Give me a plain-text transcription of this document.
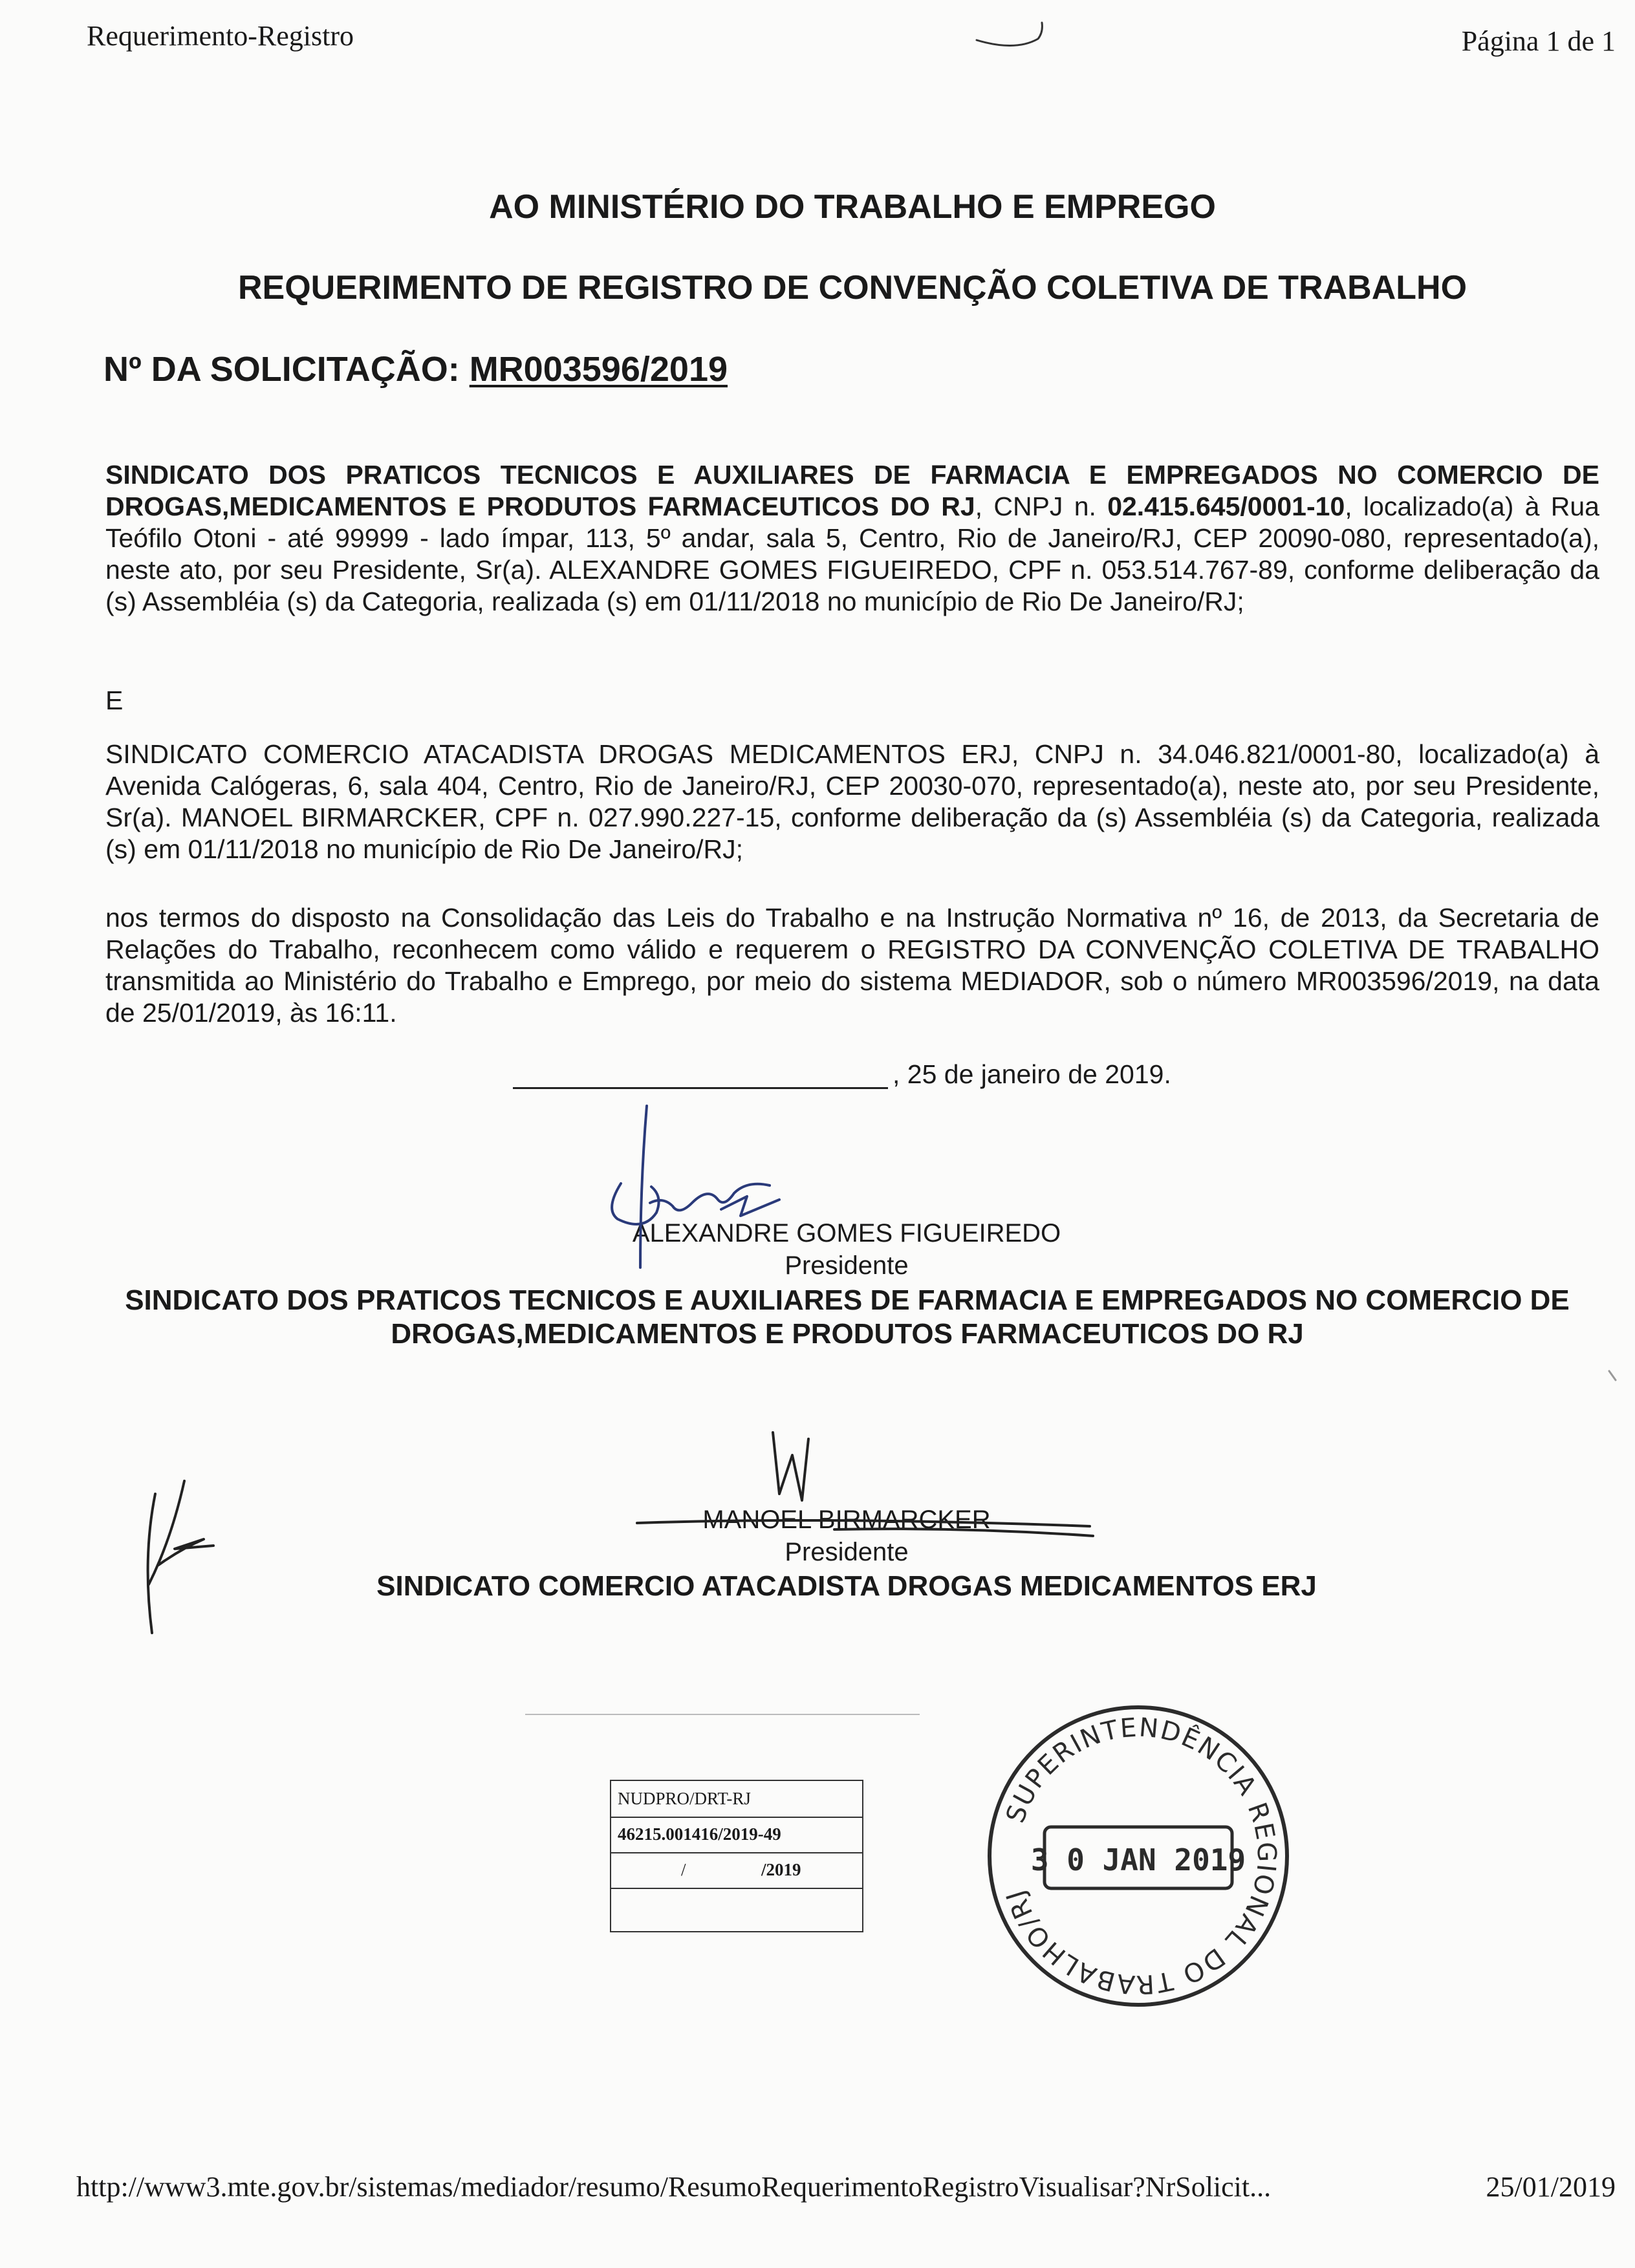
Requerimento-Registro	Página 1 de 1
AO MINISTÉRIO DO TRABALHO E EMPREGO
REQUERIMENTO DE REGISTRO DE CONVENÇÃO COLETIVA DE TRABALHO
Nº DA SOLICITAÇÃO: MR003596/2019
SINDICATO DOS PRATICOS TECNICOS E AUXILIARES DE FARMACIA E EMPREGADOS NO COMERCIO DE DROGAS,MEDICAMENTOS E PRODUTOS FARMACEUTICOS DO RJ, CNPJ n. 02.415.645/0001-10, localizado(a) à Rua Teófilo Otoni - até 99999 - lado ímpar, 113, 5º andar, sala 5, Centro, Rio de Janeiro/RJ, CEP 20090-080, representado(a), neste ato, por seu Presidente, Sr(a). ALEXANDRE GOMES FIGUEIREDO, CPF n. 053.514.767-89, conforme deliberação da (s) Assembléia (s) da Categoria, realizada (s) em 01/11/2018 no município de Rio De Janeiro/RJ;
E
SINDICATO COMERCIO ATACADISTA DROGAS MEDICAMENTOS ERJ, CNPJ n. 34.046.821/0001-80, localizado(a) à Avenida Calógeras, 6, sala 404, Centro, Rio de Janeiro/RJ, CEP 20030-070, representado(a), neste ato, por seu Presidente, Sr(a). MANOEL BIRMARCKER, CPF n. 027.990.227-15, conforme deliberação da (s) Assembléia (s) da Categoria, realizada (s) em 01/11/2018 no município de Rio De Janeiro/RJ;
nos termos do disposto na Consolidação das Leis do Trabalho e na Instrução Normativa nº 16, de 2013, da Secretaria de Relações do Trabalho, reconhecem como válido e requerem o REGISTRO DA CONVENÇÃO COLETIVA DE TRABALHO transmitida ao Ministério do Trabalho e Emprego, por meio do sistema MEDIADOR, sob o número MR003596/2019, na data de 25/01/2019, às 16:11.
, 25 de janeiro de 2019.
ALEXANDRE GOMES FIGUEIREDO
Presidente
SINDICATO DOS PRATICOS TECNICOS E AUXILIARES DE FARMACIA E EMPREGADOS NO COMERCIO DE
DROGAS,MEDICAMENTOS E PRODUTOS FARMACEUTICOS DO RJ
MANOEL BIRMARCKER
Presidente
SINDICATO COMERCIO ATACADISTA DROGAS MEDICAMENTOS ERJ
NUDPRO/DRT-RJ
46215.001416/2019-49
/	/2019
SUPERINTENDÊNCIA REGIONAL DO TRABALHO/RJ
3 0 JAN 2019
http://www3.mte.gov.br/sistemas/mediador/resumo/ResumoRequerimentoRegistroVisualisar?NrSolicit...	25/01/2019
